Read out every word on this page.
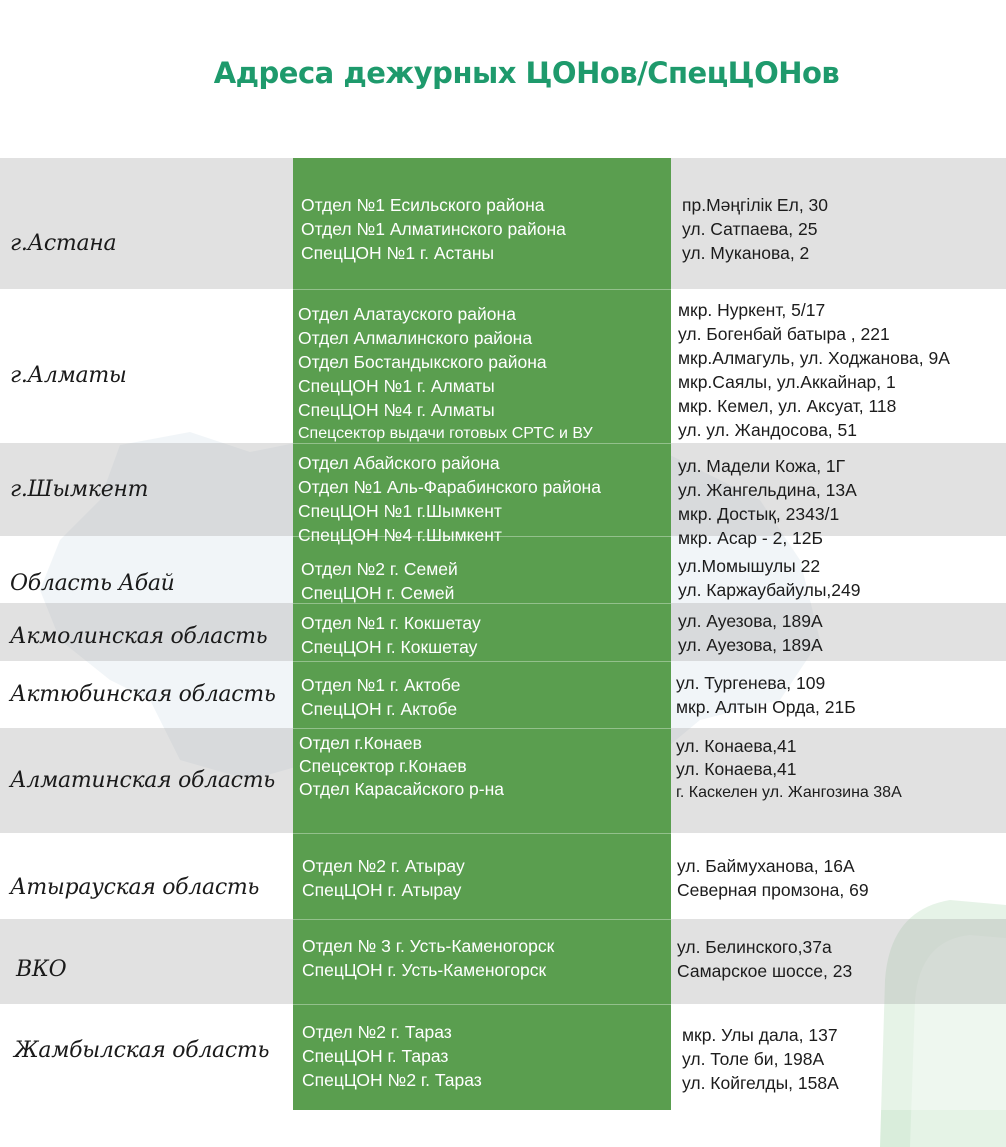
Адреса дежурных ЦОНов/СпецЦОНов
г.Астана
г.Алматы
г.Шымкент
Область Абай
Акмолинская область
Актюбинская область
Алматинская область
Атырауская область
ВКО
Жамбылская область
Отдел №1 Есильского района
Отдел №1 Алматинского района
СпецЦОН №1 г. Астаны
пр.Мәңгілік Ел, 30
ул. Сатпаева, 25
ул. Муканова, 2
Отдел Алатауского района
Отдел Алмалинского района
Отдел Бостандыкского района
СпецЦОН №1 г. Алматы
СпецЦОН №4 г. Алматы
Спецсектор выдачи готовых СРТС и ВУ
мкр. Нуркент, 5/17
ул. Богенбай батыра , 221
мкр.Алмагуль, ул. Ходжанова, 9А
мкр.Саялы, ул.Аккайнар, 1
мкр. Кемел, ул. Аксуат, 118
ул. ул. Жандосова, 51
Отдел Абайского района
Отдел №1 Аль-Фарабинского района
СпецЦОН №1 г.Шымкент
СпецЦОН №4 г.Шымкент
ул. Мадели Кожа, 1Г
ул. Жангельдина, 13А
мкр. Достық, 2343/1
мкр. Асар - 2, 12Б
Отдел №2 г. Семей
СпецЦОН г. Семей
ул.Момышулы 22
ул. Каржаубайулы,249
Отдел №1 г. Кокшетау
СпецЦОН г. Кокшетау
ул. Ауезова, 189А
ул. Ауезова, 189А
Отдел №1 г. Актобе
СпецЦОН г. Актобе
ул. Тургенева, 109
мкр. Алтын Орда, 21Б
Отдел г.Конаев
Спецсектор г.Конаев
Отдел Карасайского р-на
ул. Конаева,41
ул. Конаева,41
г. Каскелен ул. Жангозина 38А
Отдел №2 г. Атырау
СпецЦОН г. Атырау
ул. Баймуханова, 16А
Северная промзона, 69
Отдел № 3 г. Усть-Каменогорск
СпецЦОН г. Усть-Каменогорск
ул. Белинского,37а
Самарское шоссе, 23
Отдел №2 г. Тараз
СпецЦОН г. Тараз
СпецЦОН №2 г. Тараз
мкр. Улы дала, 137
ул. Толе би, 198А
ул. Койгелды, 158А
